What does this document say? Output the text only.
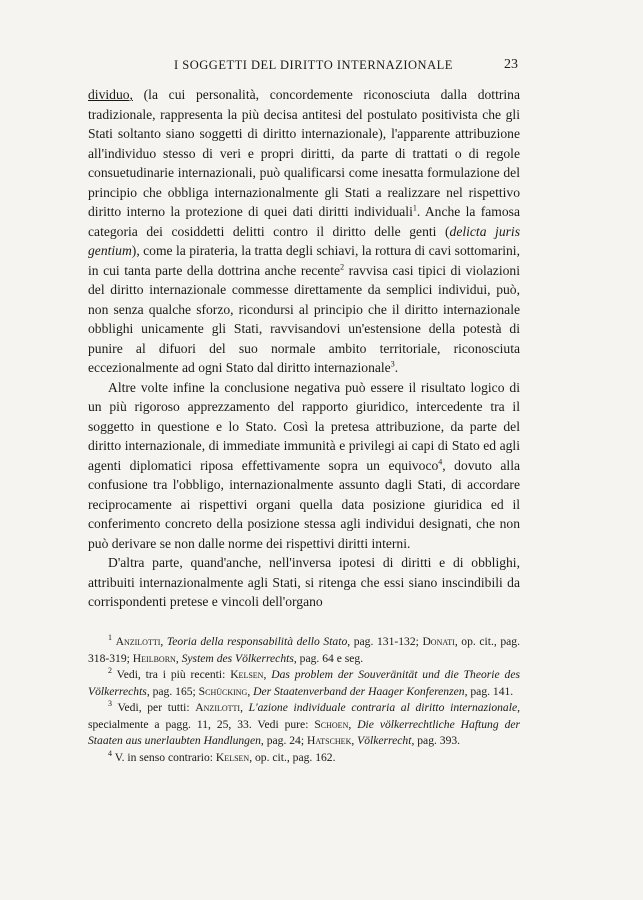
I SOGGETTI DEL DIRITTO INTERNAZIONALE	23

dividuo, (la cui personalità, concordemente riconosciuta dalla dottrina tradizionale, rappresenta la più decisa antitesi del postulato positivista che gli Stati soltanto siano soggetti di diritto internazionale), l'apparente attribuzione all'individuo stesso di veri e propri diritti, da parte di trattati o di regole consuetudinarie internazionali, può qualificarsi come inesatta formulazione del principio che obbliga internazionalmente gli Stati a realizzare nel rispettivo diritto interno la protezione di quei dati diritti individuali$^1$. Anche la famosa categoria dei cosiddetti delitti contro il diritto delle genti (delicta juris gentium), come la pirateria, la tratta degli schiavi, la rottura di cavi sottomarini, in cui tanta parte della dottrina anche recente$^2$ ravvisa casi tipici di violazioni del diritto internazionale commesse direttamente da semplici individui, può, non senza qualche sforzo, ricondursi al principio che il diritto internazionale obblighi unicamente gli Stati, ravvisandovi un'estensione della potestà di punire al difuori del suo normale ambito territoriale, riconosciuta eccezionalmente ad ogni Stato dal diritto internazionale$^3$.

Altre volte infine la conclusione negativa può essere il risultato logico di un più rigoroso apprezzamento del rapporto giuridico, intercedente tra il soggetto in questione e lo Stato. Così la pretesa attribuzione, da parte del diritto internazionale, di immediate immunità e privilegi ai capi di Stato ed agli agenti diplomatici riposa effettivamente sopra un equivoco$^4$, dovuto alla confusione tra l'obbligo, internazionalmente assunto dagli Stati, di accordare reciprocamente ai rispettivi organi quella data posizione giuridica ed il conferimento concreto della posizione stessa agli individui designati, che non può derivare se non dalle norme dei rispettivi diritti interni.

D'altra parte, quand'anche, nell'inversa ipotesi di diritti e di obblighi, attribuiti internazionalmente agli Stati, si ritenga che essi siano inscindibili da corrispondenti pretese e vincoli dell'organo

$^1$ Anzilotti, Teoria della responsabilità dello Stato, pag. 131-132; Donati, op. cit., pag. 318-319; Heilborn, System des Völkerrechts, pag. 64 e seg.

$^2$ Vedi, tra i più recenti: Kelsen, Das problem der Souveränität und die Theorie des Völkerrechts, pag. 165; Schücking, Der Staatenverband der Haager Konferenzen, pag. 141.

$^3$ Vedi, per tutti: Anzilotti, L'azione individuale contraria al diritto internazionale, specialmente a pagg. 11, 25, 33. Vedi pure: Schoen, Die völkerrechtliche Haftung der Staaten aus unerlaubten Handlungen, pag. 24; Hatschek, Völkerrecht, pag. 393.

$^4$ V. in senso contrario: Kelsen, op. cit., pag. 162.
